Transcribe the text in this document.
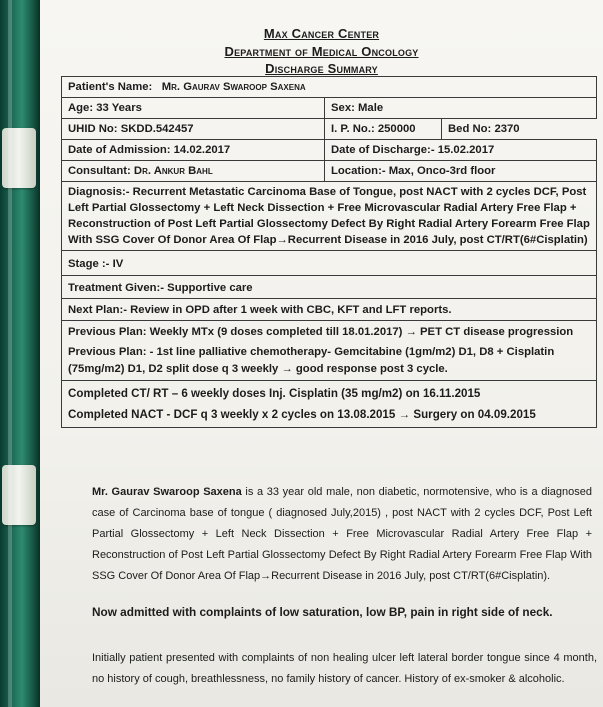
Max Cancer Center
Department of Medical Oncology
Discharge Summary
Patient's Name: Mr. Gaurav Swaroop Saxena
Age: 33 Years	Sex: Male
UHID No: SKDD.542457		I. P. No.: 250000	Bed No: 2370

Date of Admission: 14.02.2017	Date of Discharge:- 15.02.2017
Consultant: Dr. Ankur Bahl	Location:- Max, Onco-3rd floor
Diagnosis:- Recurrent Metastatic Carcinoma Base of Tongue, post NACT with 2 cycles DCF, Post Left Partial Glossectomy + Left Neck Dissection + Free Microvascular Radial Artery Free Flap + Reconstruction of Post Left Partial Glossectomy Defect By Right Radial Artery Forearm Free Flap With SSG Cover Of Donor Area Of Flap→Recurrent Disease in 2016 July, post CT/RT(6#Cisplatin)
Stage :- IV
Treatment Given:- Supportive care
Next Plan:- Review in OPD after 1 week with CBC, KFT and LFT reports.

Previous Plan: Weekly MTx (9 doses completed till 18.01.2017) → PET CT disease progression
Previous Plan: - 1st line palliative chemotherapy- Gemcitabine (1gm/m2) D1, D8 + Cisplatin (75mg/m2) D1, D2 split dose q 3 weekly → good response post 3 cycle.

Completed CT/ RT – 6 weekly doses Inj. Cisplatin (35 mg/m2) on 16.11.2015
Completed NACT - DCF q 3 weekly x 2 cycles on 13.08.2015 → Surgery on 04.09.2015
Mr. Gaurav Swaroop Saxena is a 33 year old male, non diabetic, normotensive, who is a diagnosed case of Carcinoma base of tongue ( diagnosed July,2015) , post NACT with 2 cycles DCF, Post Left Partial Glossectomy + Left Neck Dissection + Free Microvascular Radial Artery Free Flap + Reconstruction of Post Left Partial Glossectomy Defect By Right Radial Artery Forearm Free Flap With SSG Cover Of Donor Area Of Flap→Recurrent Disease in 2016 July, post CT/RT(6#Cisplatin).
Now admitted with complaints of low saturation, low BP, pain in right side of neck.
Initially patient presented with complaints of non healing ulcer left lateral border tongue since 4 month, no history of cough, breathlessness, no family history of cancer. History of ex-smoker & alcoholic.
